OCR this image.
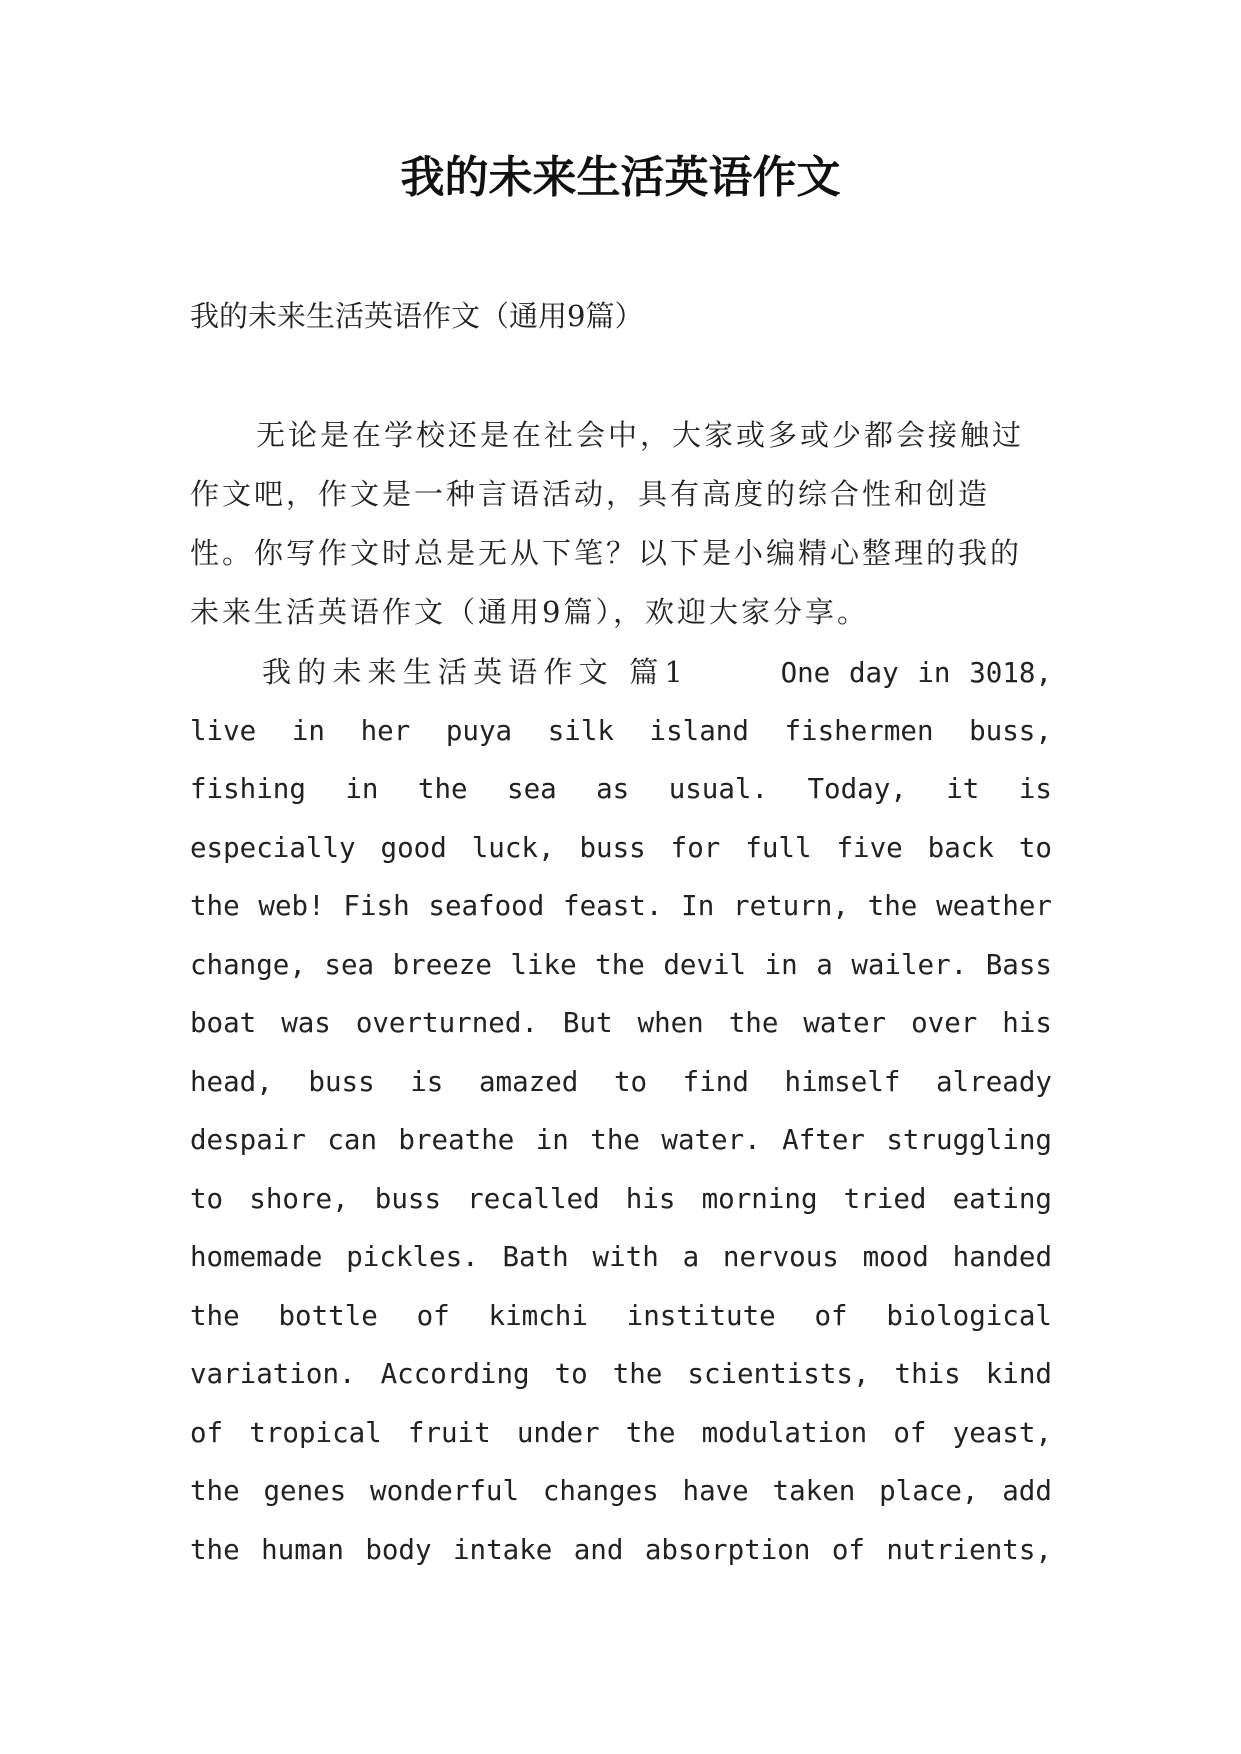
我的未来生活英语作文

我的未来生活英语作文（通用9篇）

无论是在学校还是在社会中，大家或多或少都会接触过作文吧，作文是一种言语活动，具有高度的综合性和创造性。你写作文时总是无从下笔？以下是小编精心整理的我的未来生活英语作文（通用9篇），欢迎大家分享。

我的未来生活英语作文 篇1	One day in 3018,
live in her puya silk island fishermen buss,
fishing in the sea as usual. Today, it is
especially good luck, buss for full five back to
the web! Fish seafood feast. In return, the weather
change, sea breeze like the devil in a wailer. Bass
boat was overturned. But when the water over his
head, buss is amazed to find himself already
despair can breathe in the water. After struggling
to shore, buss recalled his morning tried eating
homemade pickles. Bath with a nervous mood handed
the bottle of kimchi institute of biological
variation. According to the scientists, this kind
of tropical fruit under the modulation of yeast,
the genes wonderful changes have taken place, add
the human body intake and absorption of nutrients,
